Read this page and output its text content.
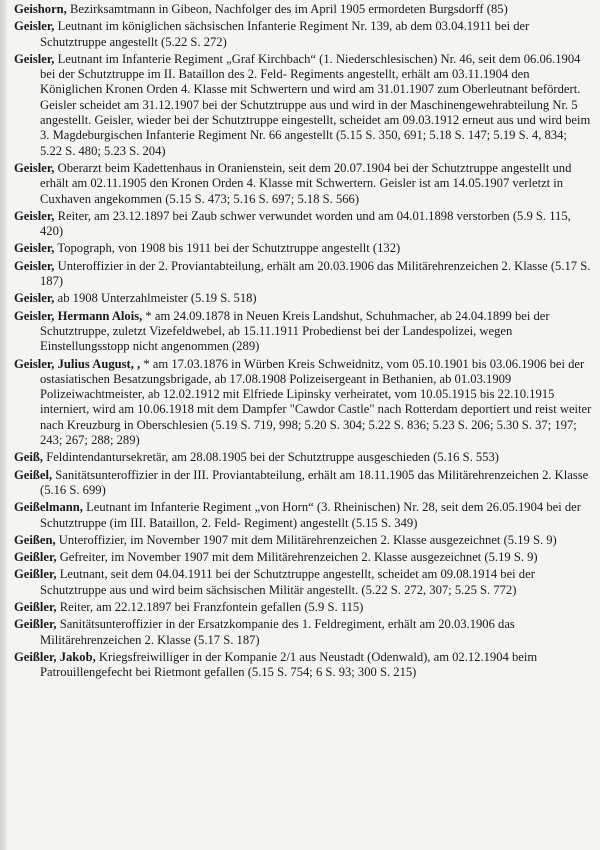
Geishorn, Bezirksamtmann in Gibeon, Nachfolger des im April 1905 ermordeten Burgsdorff (85)

Geisler, Leutnant im königlichen sächsischen Infanterie Regiment Nr. 139, ab dem 03.04.1911 bei der Schutztruppe angestellt (5.22 S. 272)

Geisler, Leutnant im Infanterie Regiment „Graf Kirchbach“ (1. Niederschlesischen) Nr. 46, seit dem 06.06.1904 bei der Schutztruppe im II. Bataillon des 2. Feld- Regiments angestellt, erhält am 03.11.1904 den Königlichen Kronen Orden 4. Klasse mit Schwertern und wird am 31.01.1907 zum Oberleutnant befördert. Geisler scheidet am 31.12.1907 bei der Schutztruppe aus und wird in der Maschinengewehrabteilung Nr. 5 angestellt. Geisler, wieder bei der Schutztruppe eingestellt, scheidet am 09.03.1912 erneut aus und wird beim 3. Magdeburgischen Infanterie Regiment Nr. 66 angestellt (5.15 S. 350, 691; 5.18 S. 147; 5.19 S. 4, 834; 5.22 S. 480; 5.23 S. 204)

Geisler, Oberarzt beim Kadettenhaus in Oranienstein, seit dem 20.07.1904 bei der Schutztruppe angestellt und erhält am 02.11.1905 den Kronen Orden 4. Klasse mit Schwertern. Geisler ist am 14.05.1907 verletzt in Cuxhaven angekommen (5.15 S. 473; 5.16 S. 697; 5.18 S. 566)

Geisler, Reiter, am 23.12.1897 bei Zaub schwer verwundet worden und am 04.01.1898 verstorben (5.9 S. 115, 420)

Geisler, Topograph, von 1908 bis 1911 bei der Schutztruppe angestellt (132)

Geisler, Unteroffizier in der 2. Proviantabteilung, erhält am 20.03.1906 das Militärehrenzeichen 2. Klasse (5.17 S. 187)

Geisler, ab 1908 Unterzahlmeister (5.19 S. 518)

Geisler, Hermann Alois, * am 24.09.1878 in Neuen Kreis Landshut, Schuhmacher, ab 24.04.1899 bei der Schutztruppe, zuletzt Vizefeldwebel, ab 15.11.1911 Probedienst bei der Landespolizei, wegen Einstellungsstopp nicht angenommen (289)

Geisler, Julius August, , * am 17.03.1876 in Würben Kreis Schweidnitz, vom 05.10.1901 bis 03.06.1906 bei der ostasiatischen Besatzungsbrigade, ab 17.08.1908 Polizeisergeant in Bethanien, ab 01.03.1909 Polizeiwachtmeister, ab 12.02.1912 mit Elfriede Lipinsky verheiratet, vom 10.05.1915 bis 22.10.1915 interniert, wird am 10.06.1918 mit dem Dampfer "Cawdor Castle" nach Rotterdam deportiert und reist weiter nach Kreuzburg in Oberschlesien (5.19 S. 719, 998; 5.20 S. 304; 5.22 S. 836; 5.23 S. 206; 5.30 S. 37; 197; 243; 267; 288; 289)

Geiß, Feldintendantursekretär, am 28.08.1905 bei der Schutztruppe ausgeschieden (5.16 S. 553)

Geißel, Sanitätsunteroffizier in der III. Proviantabteilung, erhält am 18.11.1905 das Militärehrenzeichen 2. Klasse (5.16 S. 699)

Geißelmann, Leutnant im Infanterie Regiment „von Horn“ (3. Rheinischen) Nr. 28, seit dem 26.05.1904 bei der Schutztruppe (im III. Bataillon, 2. Feld- Regiment) angestellt (5.15 S. 349)

Geißen, Unteroffizier, im November 1907 mit dem Militärehrenzeichen 2. Klasse ausgezeichnet (5.19 S. 9)

Geißler, Gefreiter, im November 1907 mit dem Militärehrenzeichen 2. Klasse ausgezeichnet (5.19 S. 9)

Geißler, Leutnant, seit dem 04.04.1911 bei der Schutztruppe angestellt, scheidet am 09.08.1914 bei der Schutztruppe aus und wird beim sächsischen Militär angestellt. (5.22 S. 272, 307; 5.25 S. 772)

Geißler, Reiter, am 22.12.1897 bei Franzfontein gefallen (5.9 S. 115)

Geißler, Sanitätsunteroffizier in der Ersatzkompanie des 1. Feldregiment, erhält am 20.03.1906 das Militärehrenzeichen 2. Klasse (5.17 S. 187)

Geißler, Jakob, Kriegsfreiwilliger in der Kompanie 2/1 aus Neustadt (Odenwald), am 02.12.1904 beim Patrouillengefecht bei Rietmont gefallen (5.15 S. 754; 6 S. 93; 300 S. 215)
